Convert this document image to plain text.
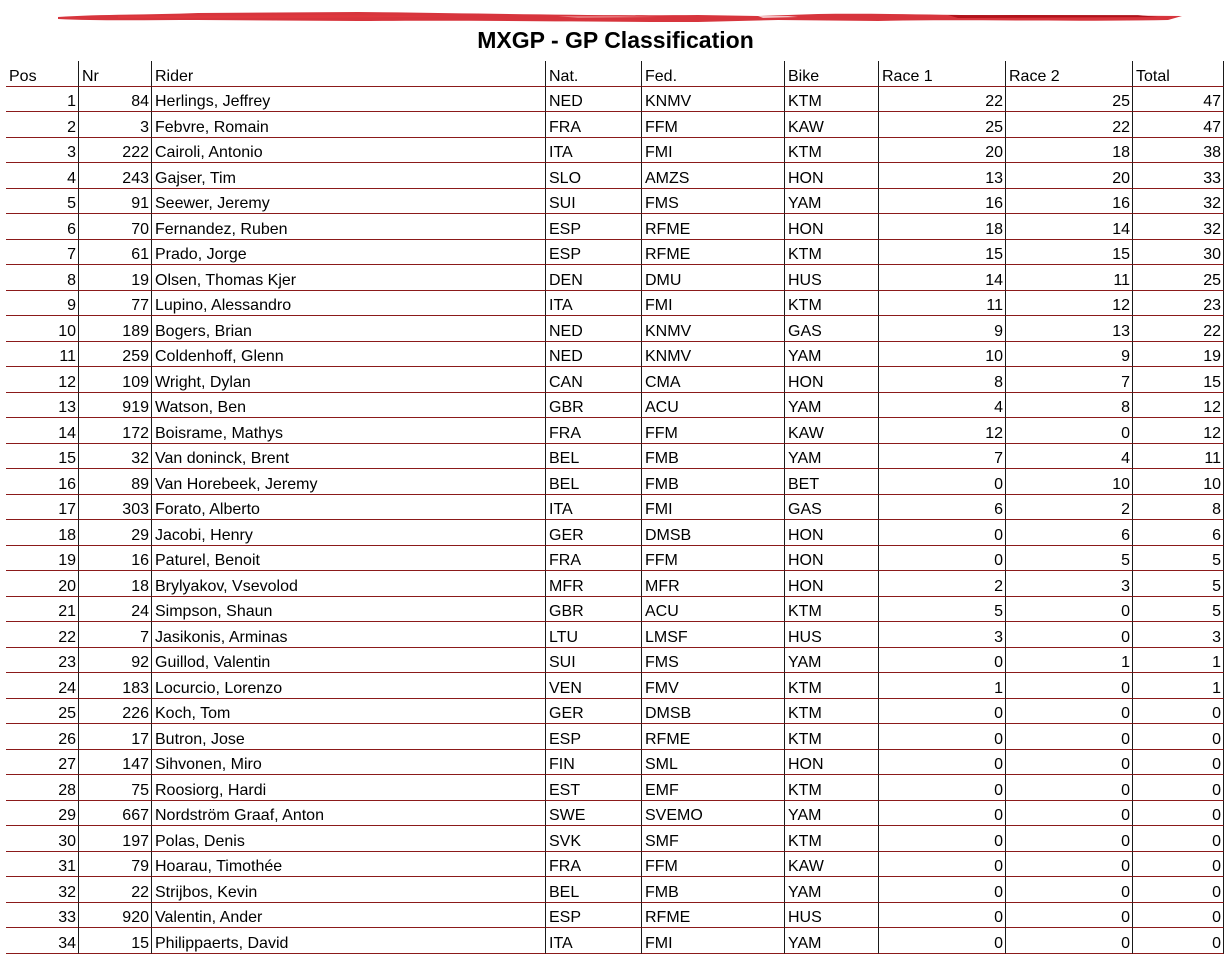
MXGP - GP Classification
Pos	Nr	Rider	Nat.	Fed.	Bike	Race 1	Race 2	Total
1	84	Herlings, Jeffrey	NED	KNMV	KTM	22	25	47
2	3	Febvre, Romain	FRA	FFM	KAW	25	22	47
3	222	Cairoli, Antonio	ITA	FMI	KTM	20	18	38
4	243	Gajser, Tim	SLO	AMZS	HON	13	20	33
5	91	Seewer, Jeremy	SUI	FMS	YAM	16	16	32
6	70	Fernandez, Ruben	ESP	RFME	HON	18	14	32
7	61	Prado, Jorge	ESP	RFME	KTM	15	15	30
8	19	Olsen, Thomas Kjer	DEN	DMU	HUS	14	11	25
9	77	Lupino, Alessandro	ITA	FMI	KTM	11	12	23
10	189	Bogers, Brian	NED	KNMV	GAS	9	13	22
11	259	Coldenhoff, Glenn	NED	KNMV	YAM	10	9	19
12	109	Wright, Dylan	CAN	CMA	HON	8	7	15
13	919	Watson, Ben	GBR	ACU	YAM	4	8	12
14	172	Boisrame, Mathys	FRA	FFM	KAW	12	0	12
15	32	Van doninck, Brent	BEL	FMB	YAM	7	4	11
16	89	Van Horebeek, Jeremy	BEL	FMB	BET	0	10	10
17	303	Forato, Alberto	ITA	FMI	GAS	6	2	8
18	29	Jacobi, Henry	GER	DMSB	HON	0	6	6
19	16	Paturel, Benoit	FRA	FFM	HON	0	5	5
20	18	Brylyakov, Vsevolod	MFR	MFR	HON	2	3	5
21	24	Simpson, Shaun	GBR	ACU	KTM	5	0	5
22	7	Jasikonis, Arminas	LTU	LMSF	HUS	3	0	3
23	92	Guillod, Valentin	SUI	FMS	YAM	0	1	1
24	183	Locurcio, Lorenzo	VEN	FMV	KTM	1	0	1
25	226	Koch, Tom	GER	DMSB	KTM	0	0	0
26	17	Butron, Jose	ESP	RFME	KTM	0	0	0
27	147	Sihvonen, Miro	FIN	SML	HON	0	0	0
28	75	Roosiorg, Hardi	EST	EMF	KTM	0	0	0
29	667	Nordström Graaf, Anton	SWE	SVEMO	YAM	0	0	0
30	197	Polas, Denis	SVK	SMF	KTM	0	0	0
31	79	Hoarau, Timothée	FRA	FFM	KAW	0	0	0
32	22	Strijbos, Kevin	BEL	FMB	YAM	0	0	0
33	920	Valentin, Ander	ESP	RFME	HUS	0	0	0
34	15	Philippaerts, David	ITA	FMI	YAM	0	0	0
